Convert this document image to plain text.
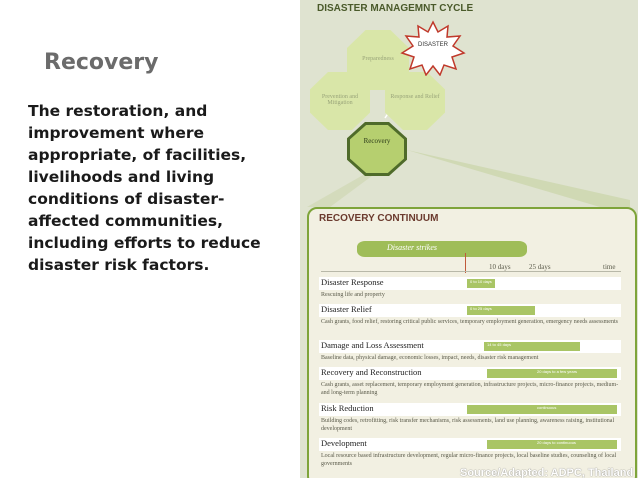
Recovery
The restoration, and improvement where appropriate, of facilities, livelihoods and living conditions of disaster-affected communities, including efforts to reduce disaster risk factors.
DISASTER MANAGEMNT CYCLE
Preparedness
Prevention and Mitigation
Response and Relief
DISASTER
Recovery
RECOVERY CONTINUUM
Disaster strikes
10 days	25 days	time
Disaster Response	0 to 10 days
Rescuing life and property
Disaster Relief	0 to 25 days
Cash grants, food relief, restoring critical public services, temporary employment generation, emergency needs assessments
Damage and Loss Assessment	14 to 45 days
Baseline data, physical damage, economic losses, impact, needs, disaster risk management
Recovery and Reconstruction	20 days to a few years
Cash grants, asset replacement, temporary employment generation, infrastructure projects, micro-finance projects, medium- and long-term planning
Risk Reduction	continuous
Building codes, retrofitting, risk transfer mechanisms, risk assessments, land use planning, awareness raising, institutional development
Development	20 days to continuous
Local resource based infrastructure development, regular micro-finance projects, local baseline studies, counseling of local governments
Source/Adapted: ADPC, Thailand
